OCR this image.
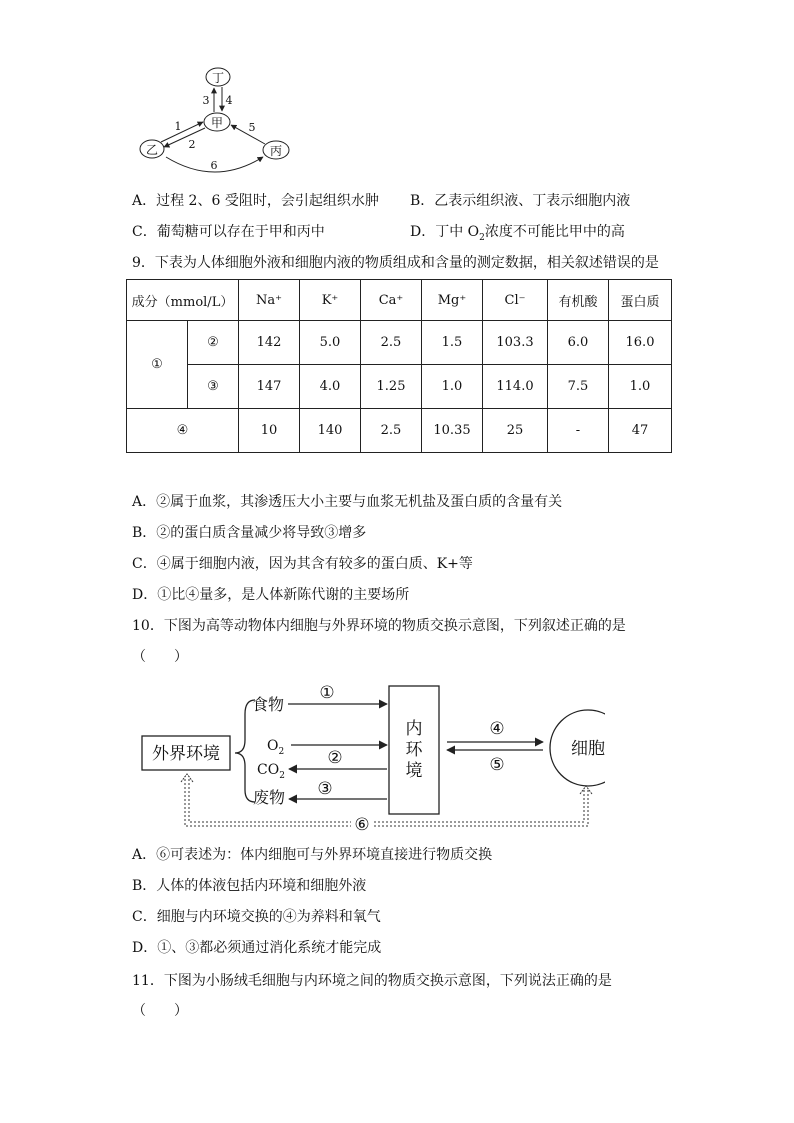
丁
甲
乙	丙
3 4
1
2
5
6
A．过程 2、6 受阻时，会引起组织水肿 B．乙表示组织液、丁表示细胞内液
C．葡萄糖可以存在于甲和丙中	D．丁中 $O_2$浓度不可能比甲中的高
9．下表为人体细胞外液和细胞内液的物质组成和含量的测定数据，相关叙述错误的是
成分（mmol/L）		Na⁺	K⁺	Ca⁺	Mg⁺	Cl⁻	有机酸	蛋白质
①	②	142	5.0	2.5	1.5	103.3	6.0	16.0
	③	147	4.0	1.25	1.0	114.0	7.5	1.0
④		10	140	2.5	10.35	25	-	47
A．②属于血浆，其渗透压大小主要与血浆无机盐及蛋白质的含量有关
B．②的蛋白质含量减少将导致③增多
C．④属于细胞内液，因为其含有较多的蛋白质、K+等
D．①比④量多，是人体新陈代谢的主要场所
10．下图为高等动物体内细胞与外界环境的物质交换示意图，下列叙述正确的是
（　　）
外界环境
食物
$O_2$
$CO_2$
废物
①
②
③
内
环
境
④
⑤
细胞
⑥
A．⑥可表述为：体内细胞可与外界环境直接进行物质交换
B．人体的体液包括内环境和细胞外液
C．细胞与内环境交换的④为养料和氧气
D．①、③都必须通过消化系统才能完成
11．下图为小肠绒毛细胞与内环境之间的物质交换示意图，下列说法正确的是
（　　）
